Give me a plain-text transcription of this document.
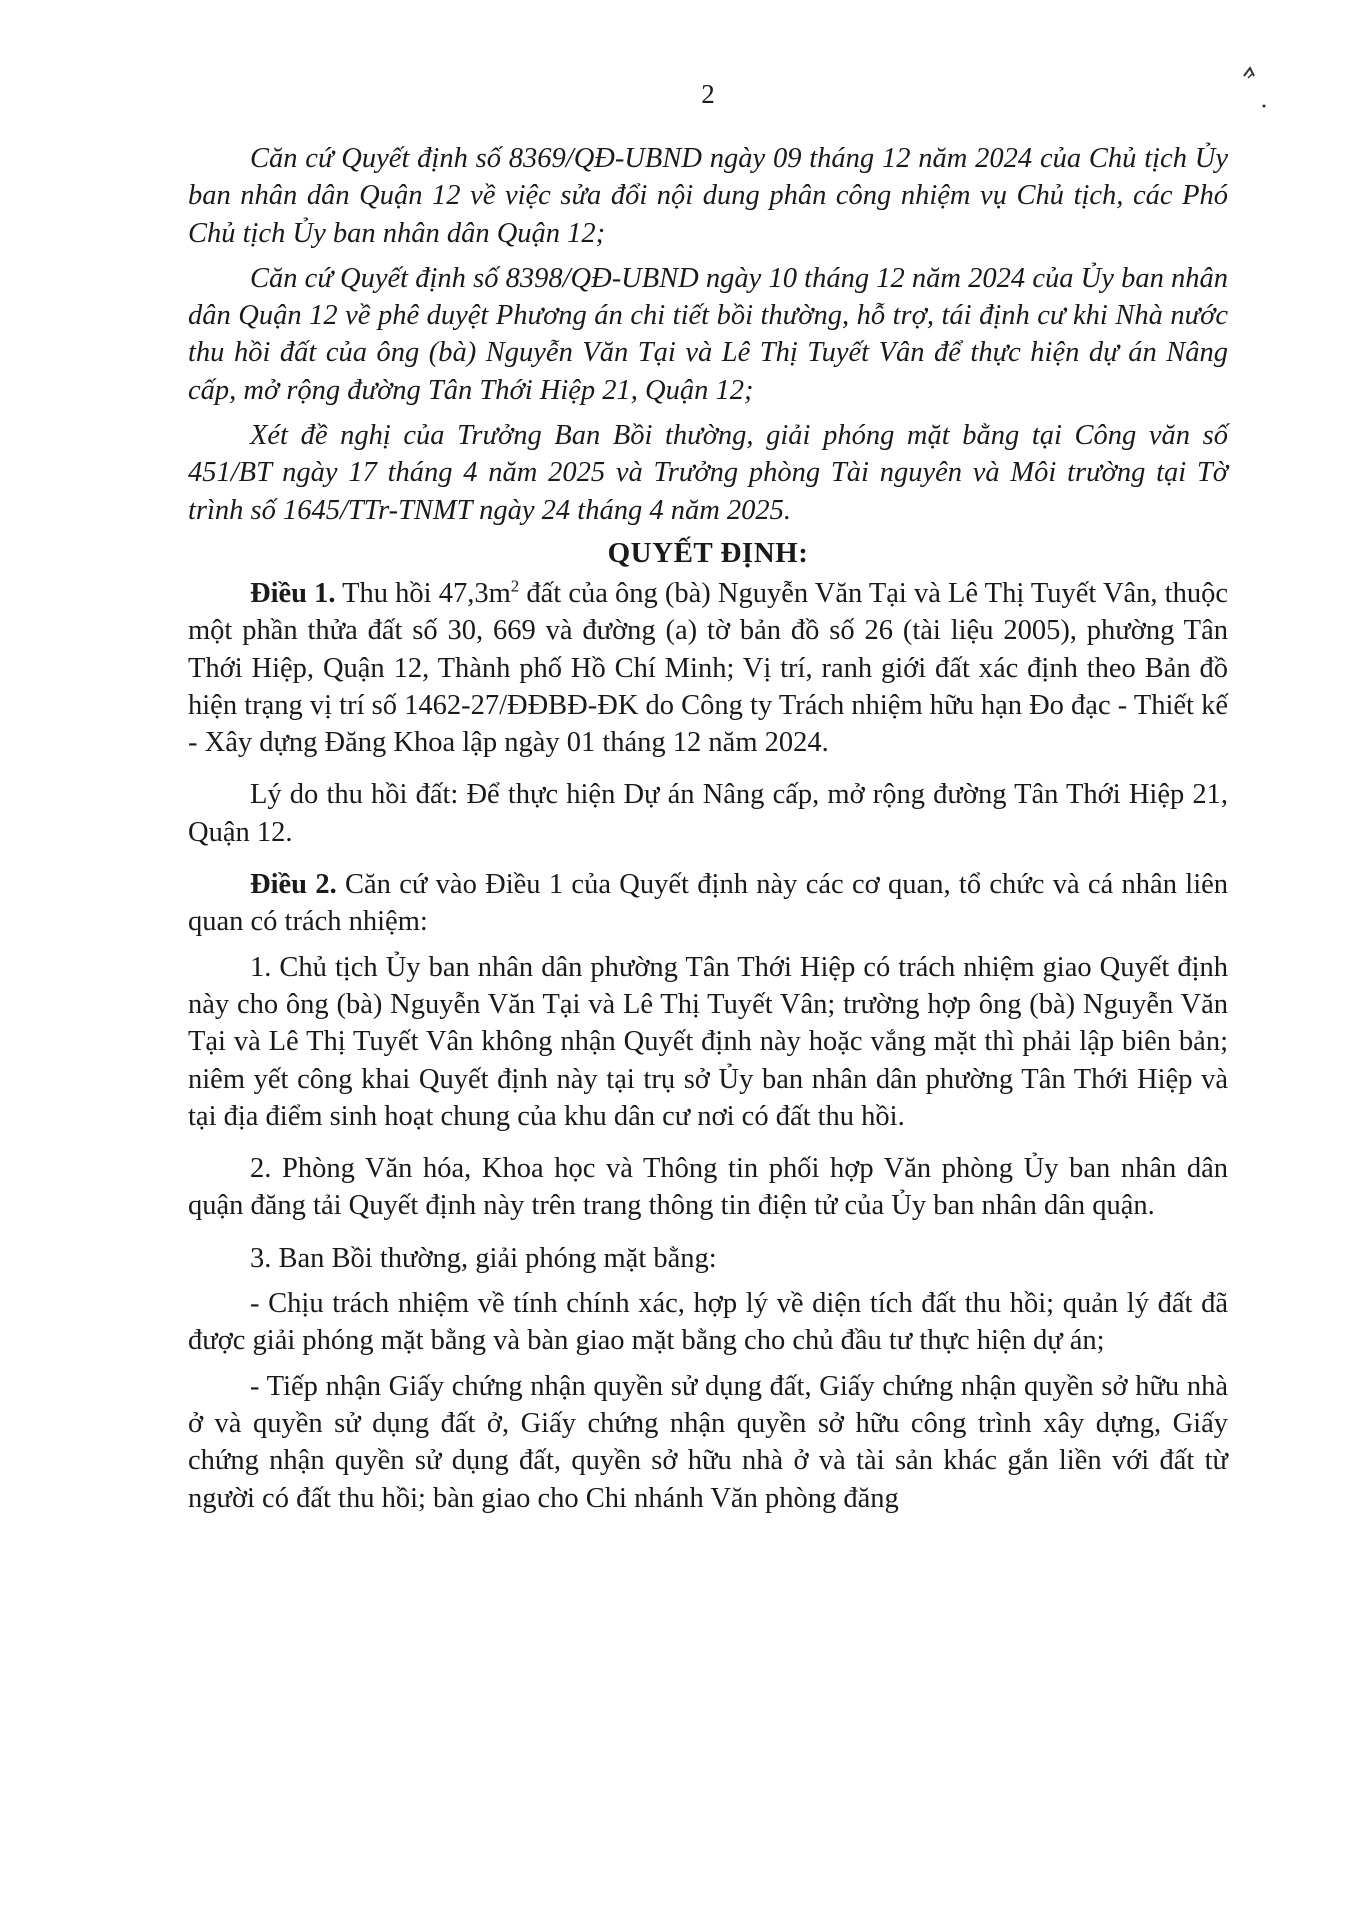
2

Căn cứ Quyết định số 8369/QĐ-UBND ngày 09 tháng 12 năm 2024 của Chủ tịch Ủy ban nhân dân Quận 12 về việc sửa đổi nội dung phân công nhiệm vụ Chủ tịch, các Phó Chủ tịch Ủy ban nhân dân Quận 12;

Căn cứ Quyết định số 8398/QĐ-UBND ngày 10 tháng 12 năm 2024 của Ủy ban nhân dân Quận 12 về phê duyệt Phương án chi tiết bồi thường, hỗ trợ, tái định cư khi Nhà nước thu hồi đất của ông (bà) Nguyễn Văn Tại và Lê Thị Tuyết Vân để thực hiện dự án Nâng cấp, mở rộng đường Tân Thới Hiệp 21, Quận 12;

Xét đề nghị của Trưởng Ban Bồi thường, giải phóng mặt bằng tại Công văn số 451/BT ngày 17 tháng 4 năm 2025 và Trưởng phòng Tài nguyên và Môi trường tại Tờ trình số 1645/TTr-TNMT ngày 24 tháng 4 năm 2025.

QUYẾT ĐỊNH:

Điều 1. Thu hồi $47,3m^2$ đất của ông (bà) Nguyễn Văn Tại và Lê Thị Tuyết Vân, thuộc một phần thửa đất số 30, 669 và đường (a) tờ bản đồ số 26 (tài liệu 2005), phường Tân Thới Hiệp, Quận 12, Thành phố Hồ Chí Minh; Vị trí, ranh giới đất xác định theo Bản đồ hiện trạng vị trí số 1462-27/ĐĐBĐ-ĐK do Công ty Trách nhiệm hữu hạn Đo đạc - Thiết kế - Xây dựng Đăng Khoa lập ngày 01 tháng 12 năm 2024.

Lý do thu hồi đất: Để thực hiện Dự án Nâng cấp, mở rộng đường Tân Thới Hiệp 21, Quận 12.

Điều 2. Căn cứ vào Điều 1 của Quyết định này các cơ quan, tổ chức và cá nhân liên quan có trách nhiệm:

1. Chủ tịch Ủy ban nhân dân phường Tân Thới Hiệp có trách nhiệm giao Quyết định này cho ông (bà) Nguyễn Văn Tại và Lê Thị Tuyết Vân; trường hợp ông (bà) Nguyễn Văn Tại và Lê Thị Tuyết Vân không nhận Quyết định này hoặc vắng mặt thì phải lập biên bản; niêm yết công khai Quyết định này tại trụ sở Ủy ban nhân dân phường Tân Thới Hiệp và tại địa điểm sinh hoạt chung của khu dân cư nơi có đất thu hồi.

2. Phòng Văn hóa, Khoa học và Thông tin phối hợp Văn phòng Ủy ban nhân dân quận đăng tải Quyết định này trên trang thông tin điện tử của Ủy ban nhân dân quận.

3. Ban Bồi thường, giải phóng mặt bằng:

- Chịu trách nhiệm về tính chính xác, hợp lý về diện tích đất thu hồi; quản lý đất đã được giải phóng mặt bằng và bàn giao mặt bằng cho chủ đầu tư thực hiện dự án;

- Tiếp nhận Giấy chứng nhận quyền sử dụng đất, Giấy chứng nhận quyền sở hữu nhà ở và quyền sử dụng đất ở, Giấy chứng nhận quyền sở hữu công trình xây dựng, Giấy chứng nhận quyền sử dụng đất, quyền sở hữu nhà ở và tài sản khác gắn liền với đất từ người có đất thu hồi; bàn giao cho Chi nhánh Văn phòng đăng
